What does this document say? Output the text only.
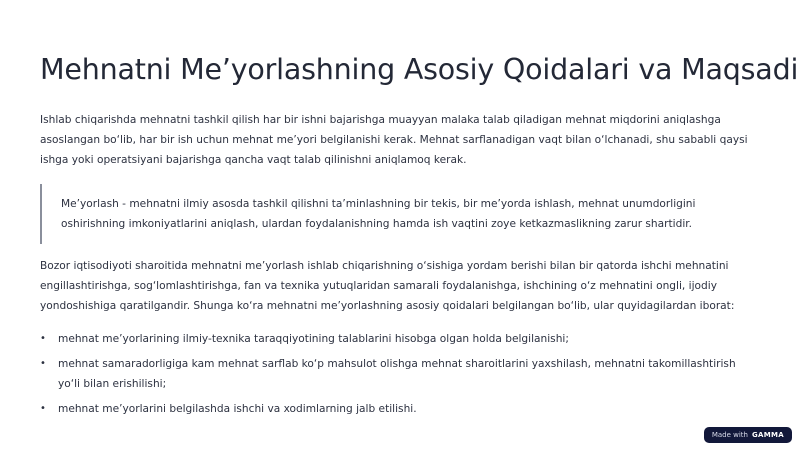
Mehnatni Me’yorlashning Asosiy Qoidalari va Maqsadi

Ishlab chiqarishda mehnatni tashkil qilish har bir ishni bajarishga muayyan malaka talab qiladigan mehnat miqdorini aniqlashga asoslangan bo‘lib, har bir ish uchun mehnat me’yori belgilanishi kerak. Mehnat sarflanadigan vaqt bilan o‘lchanadi, shu sababli qaysi ishga yoki operatsiyani bajarishga qancha vaqt talab qilinishni aniqlamoq kerak.

Me’yorlash - mehnatni ilmiy asosda tashkil qilishni ta’minlashning bir tekis, bir me’yorda ishlash, mehnat unumdorligini oshirishning imkoniyatlarini aniqlash, ulardan foydalanishning hamda ish vaqtini zoye ketkazmaslikning zarur shartidir.

Bozor iqtisodiyoti sharoitida mehnatni me’yorlash ishlab chiqarishning o‘sishiga yordam berishi bilan bir qatorda ishchi mehnatini engillashtirishga, sog‘lomlashtirishga, fan va texnika yutuqlaridan samarali foydalanishga, ishchining o‘z mehnatini ongli, ijodiy yondoshishiga qaratilgandir. Shunga ko‘ra mehnatni me’yorlashning asosiy qoidalari belgilangan bo‘lib, ular quyidagilardan iborat:

• mehnat me’yorlarining ilmiy-texnika taraqqiyotining talablarini hisobga olgan holda belgilanishi;

• mehnat samaradorligiga kam mehnat sarflab ko‘p mahsulot olishga mehnat sharoitlarini yaxshilash, mehnatni takomillashtirish yo‘li bilan erishilishi;

• mehnat me’yorlarini belgilashda ishchi va xodimlarning jalb etilishi.

Made with GAMMA
